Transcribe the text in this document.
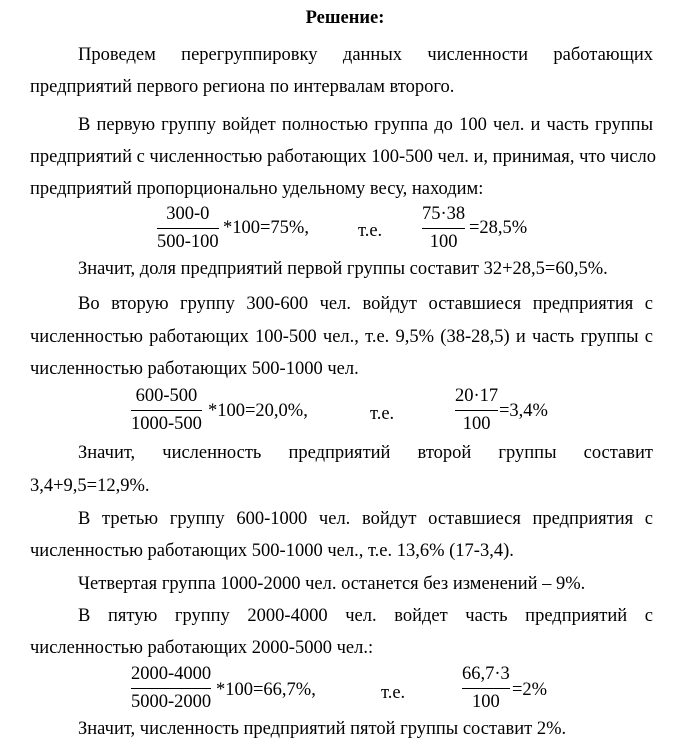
Решение:
Проведем перегруппировку данных численности работающих
предприятий первого региона по интервалам второго.
В первую группу войдет полностью группа до 100 чел. и часть группы
предприятий с численностью работающих 100-500 чел. и, принимая, что число
предприятий пропорционально удельному весу, находим:
300-0
500-100
*100=75%,	т.е.
75·38
100
=28,5%
Значит, доля предприятий первой группы составит 32+28,5=60,5%.
Во вторую группу 300-600 чел. войдут оставшиеся предприятия с
численностью работающих 100-500 чел., т.е. 9,5% (38-28,5) и часть группы с
численностью работающих 500-1000 чел.
600-500
1000-500
*100=20,0%,	т.е.
20·17
100
=3,4%
Значит, численность предприятий второй группы составит
3,4+9,5=12,9%.
В третью группу 600-1000 чел. войдут оставшиеся предприятия с
численностью работающих 500-1000 чел., т.е. 13,6% (17-3,4).
Четвертая группа 1000-2000 чел. останется без изменений – 9%.
В пятую группу 2000-4000 чел. войдет часть предприятий с
численностью работающих 2000-5000 чел.:
2000-4000
5000-2000
*100=66,7%,	т.е.
66,7·3
100
=2%
Значит, численность предприятий пятой группы составит 2%.
